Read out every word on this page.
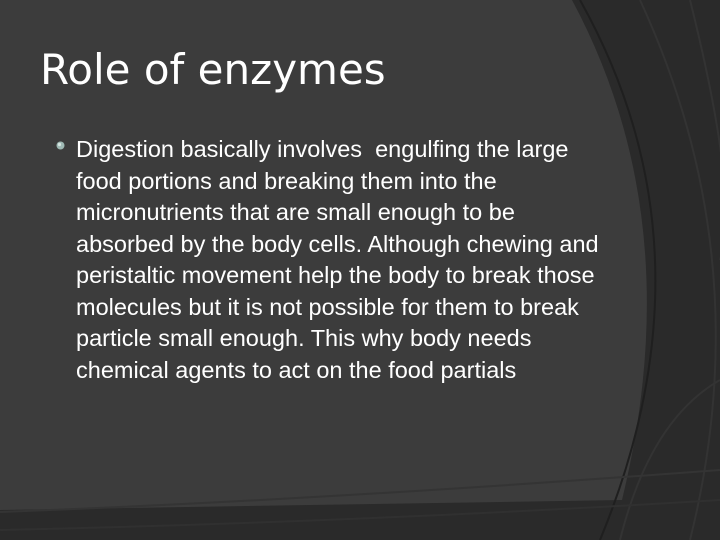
Role of enzymes
Digestion basically involves  engulfing the large food portions and breaking them into the micronutrients that are small enough to be absorbed by the body cells. Although chewing and peristaltic movement help the body to break those molecules but it is not possible for them to break particle small enough. This why body needs chemical agents to act on the food partials
